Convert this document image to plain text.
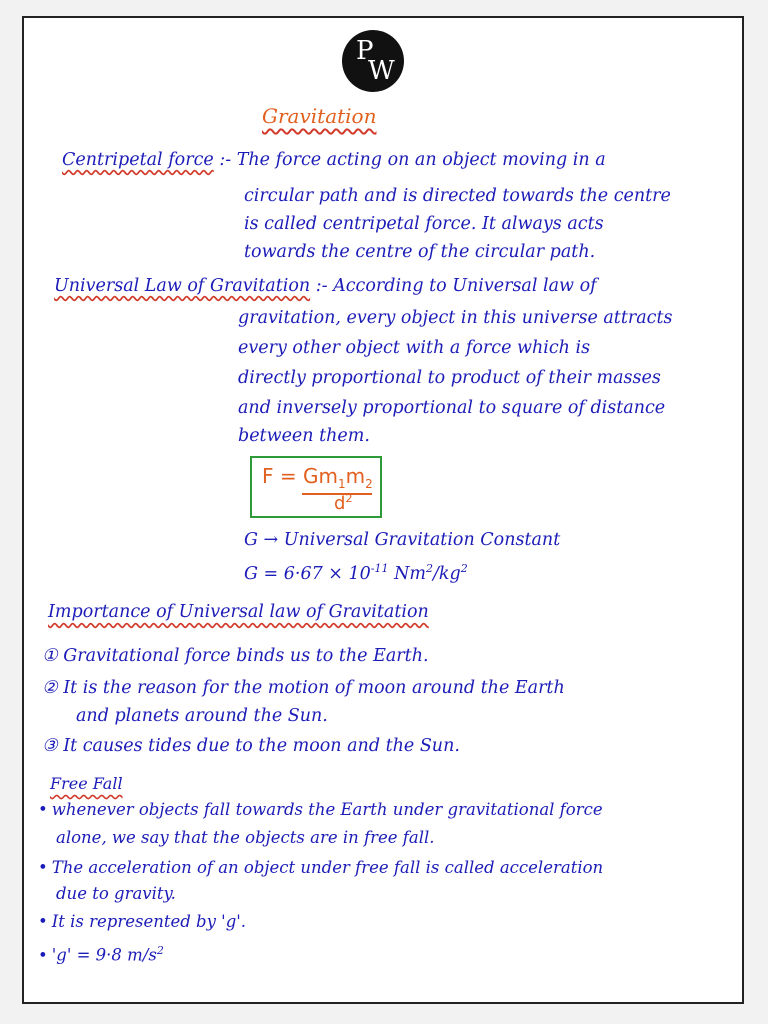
P
W
Gravitation
Centripetal force :- The force acting on an object moving in a
circular path and is directed towards the centre
is called centripetal force. It always acts
towards the centre of the circular path.
Universal Law of Gravitation :- According to Universal law of
gravitation, every object in this universe attracts
every other object with a force which is
directly proportional to product of their masses
and inversely proportional to square of distance
between them.
$F = Gm_1m_2$
$d^2$
G → Universal Gravitation Constant
$G = 6\cdot 67 \times 10^{-11}$ $Nm^2/kg^2$
Importance of Universal law of Gravitation
① Gravitational force binds us to the Earth.
② It is the reason for the motion of moon around the Earth
and planets around the Sun.
③ It causes tides due to the moon and the Sun.
Free Fall
• whenever objects fall towards the Earth under gravitational force
alone, we say that the objects are in free fall.
• The acceleration of an object under free fall is called acceleration
due to gravity.
• It is represented by 'g'.
• 'g' = 9·8 $m/s^2$
